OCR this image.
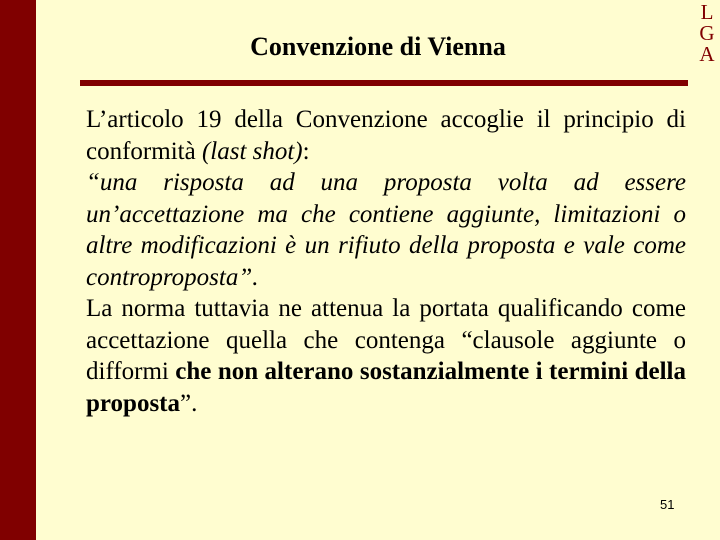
L
G
A
Convenzione di Vienna

L’articolo 19 della Convenzione accoglie il principio di conformità (last shot):

“una risposta ad una proposta volta ad essere un’accettazione ma che contiene aggiunte, limitazioni o altre modificazioni è un rifiuto della proposta e vale come controproposta”.

La norma tuttavia ne attenua la portata qualificando come accettazione quella che contenga “clausole aggiunte o difformi che non alterano sostanzialmente i termini della proposta”.

51
